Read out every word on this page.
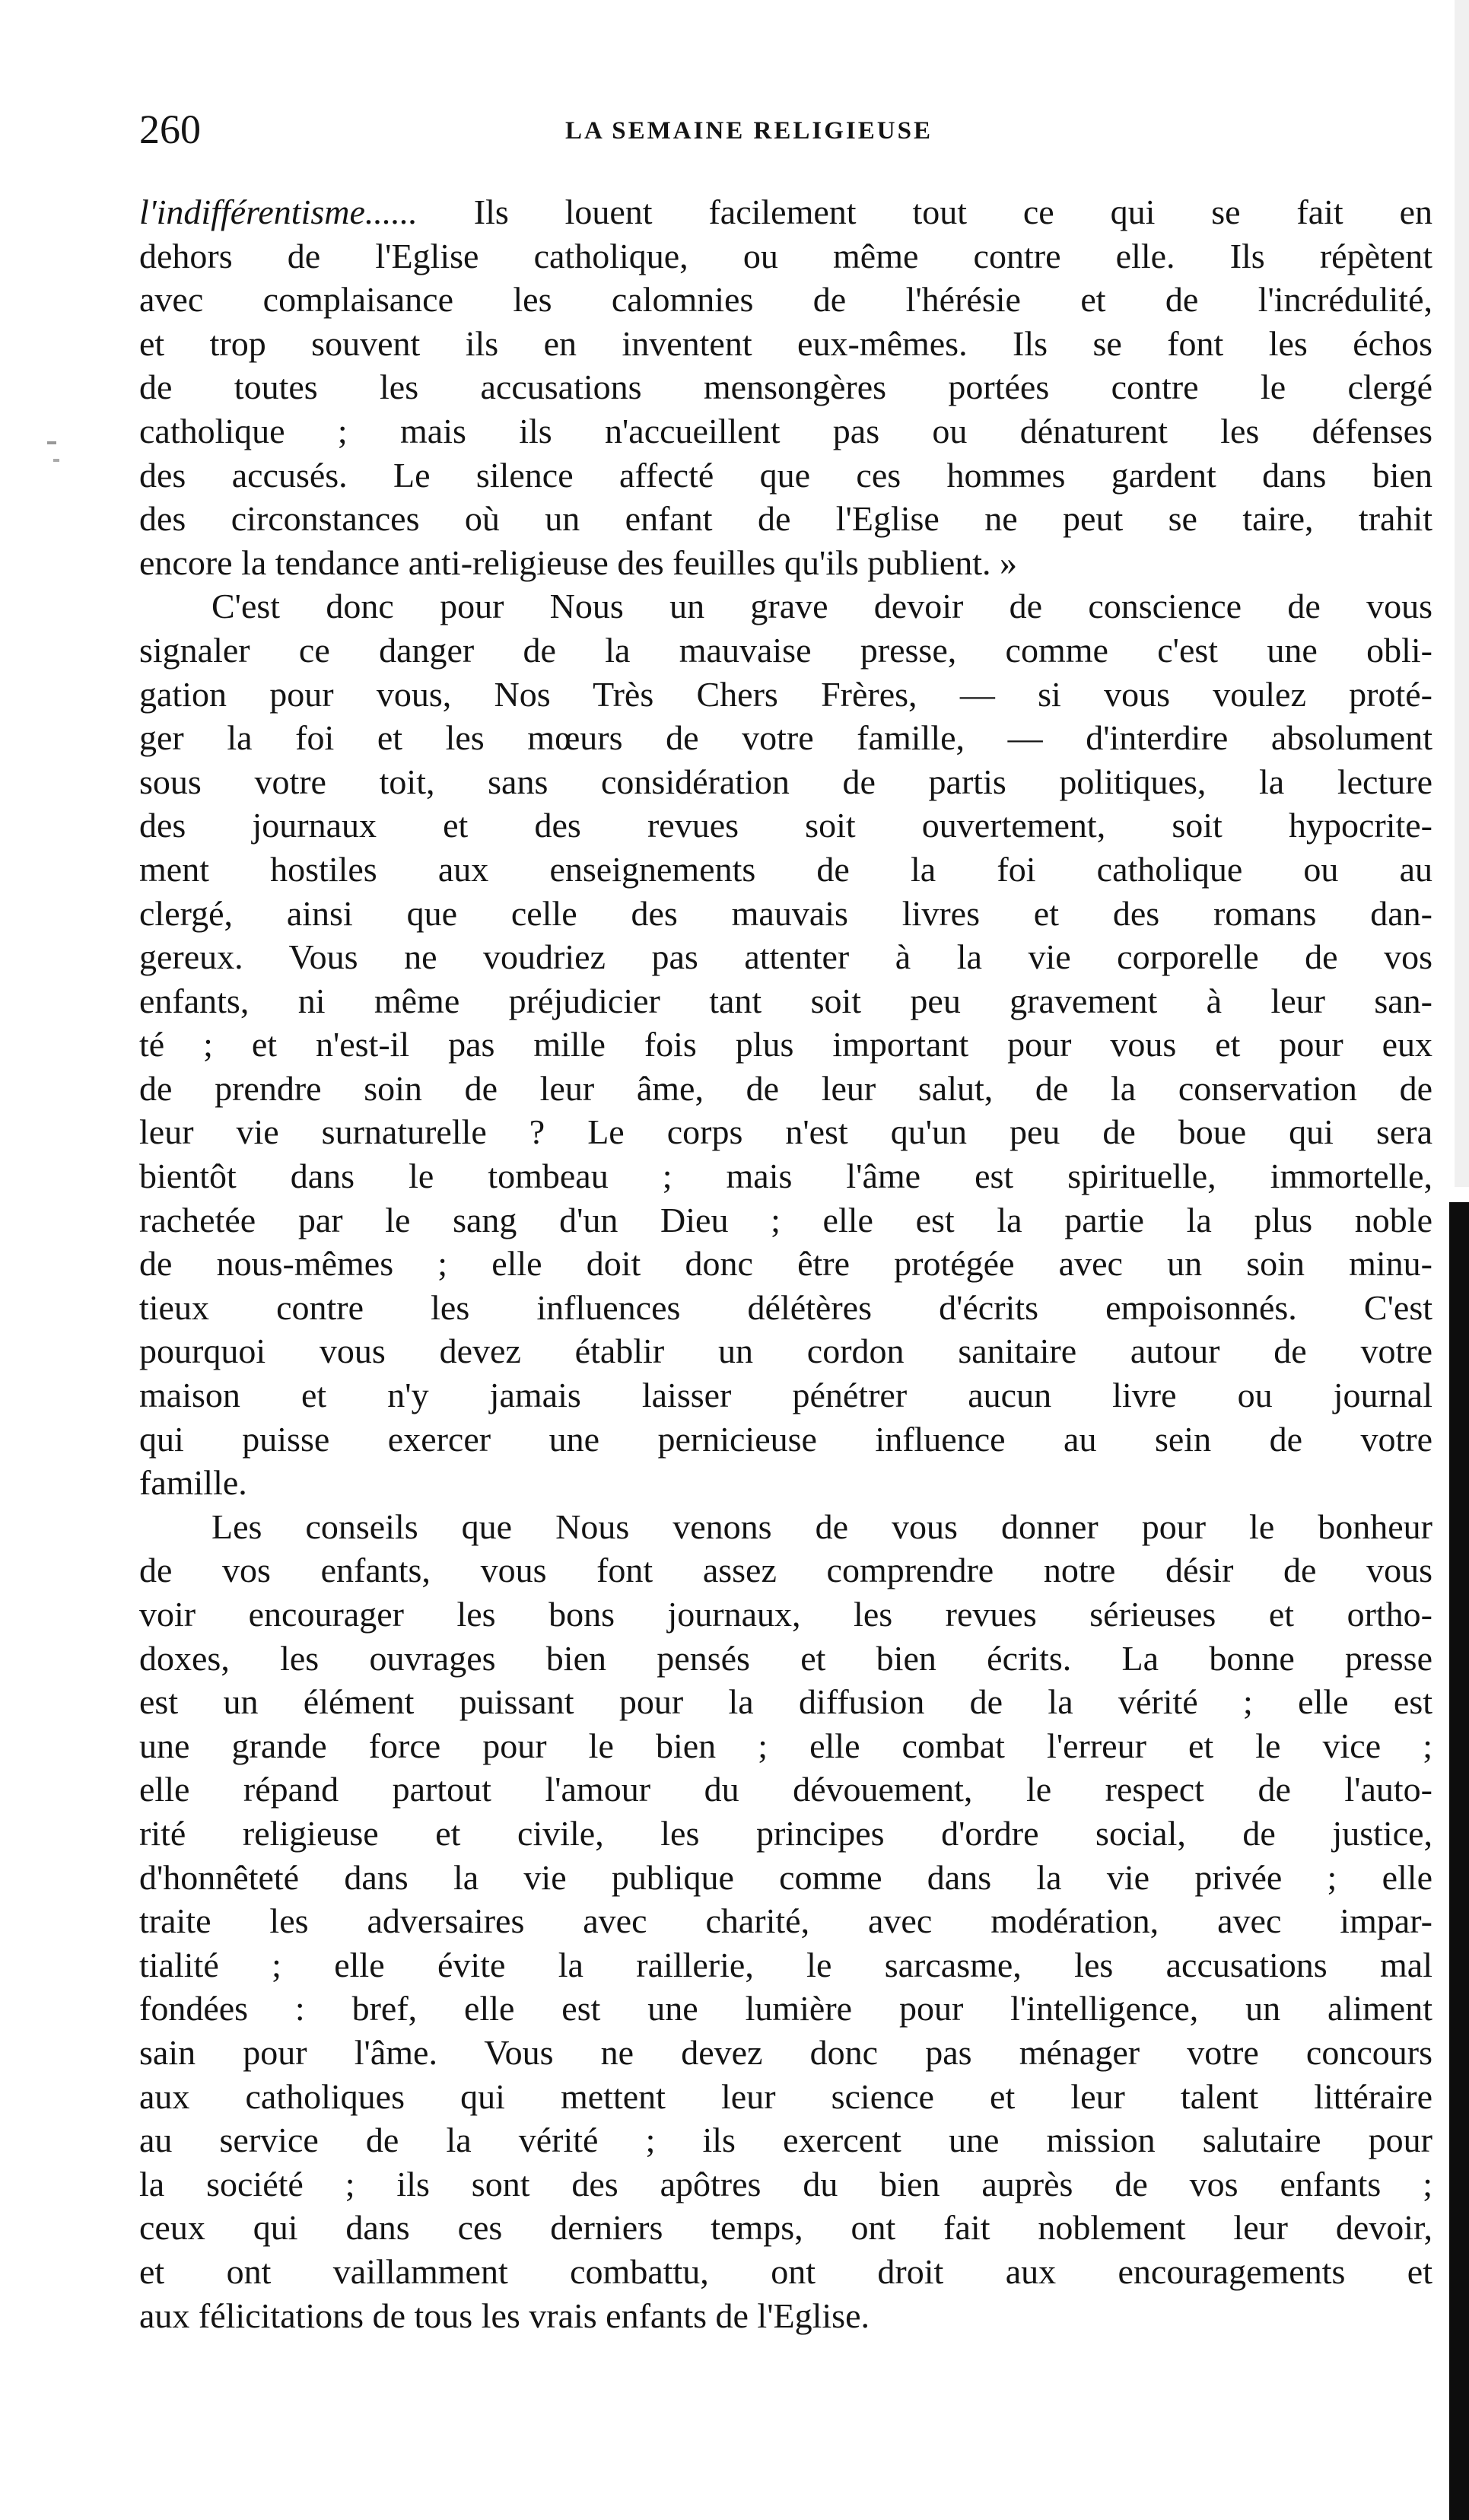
260	LA SEMAINE RELIGIEUSE
l'indifférentisme...... Ils louent facilement tout ce qui se fait en
dehors de l'Eglise catholique, ou même contre elle. Ils répètent
avec complaisance les calomnies de l'hérésie et de l'incrédulité,
et trop souvent ils en inventent eux-mêmes. Ils se font les échos
de toutes les accusations mensongères portées contre le clergé
catholique ; mais ils n'accueillent pas ou dénaturent les défenses
des accusés. Le silence affecté que ces hommes gardent dans bien
des circonstances où un enfant de l'Eglise ne peut se taire, trahit
encore la tendance anti-religieuse des feuilles qu'ils publient. »
C'est donc pour Nous un grave devoir de conscience de vous
signaler ce danger de la mauvaise presse, comme c'est une obli-
gation pour vous, Nos Très Chers Frères, — si vous voulez proté-
ger la foi et les mœurs de votre famille, — d'interdire absolument
sous votre toit, sans considération de partis politiques, la lecture
des journaux et des revues soit ouvertement, soit hypocrite-
ment hostiles aux enseignements de la foi catholique ou au
clergé, ainsi que celle des mauvais livres et des romans dan-
gereux. Vous ne voudriez pas attenter à la vie corporelle de vos
enfants, ni même préjudicier tant soit peu gravement à leur san-
té ; et n'est-il pas mille fois plus important pour vous et pour eux
de prendre soin de leur âme, de leur salut, de la conservation de
leur vie surnaturelle ? Le corps n'est qu'un peu de boue qui sera
bientôt dans le tombeau ; mais l'âme est spirituelle, immortelle,
rachetée par le sang d'un Dieu ; elle est la partie la plus noble
de nous-mêmes ; elle doit donc être protégée avec un soin minu-
tieux contre les influences délétères d'écrits empoisonnés. C'est
pourquoi vous devez établir un cordon sanitaire autour de votre
maison et n'y jamais laisser pénétrer aucun livre ou journal
qui puisse exercer une pernicieuse influence au sein de votre
famille.
Les conseils que Nous venons de vous donner pour le bonheur
de vos enfants, vous font assez comprendre notre désir de vous
voir encourager les bons journaux, les revues sérieuses et ortho-
doxes, les ouvrages bien pensés et bien écrits. La bonne presse
est un élément puissant pour la diffusion de la vérité ; elle est
une grande force pour le bien ; elle combat l'erreur et le vice ;
elle répand partout l'amour du dévouement, le respect de l'auto-
rité religieuse et civile, les principes d'ordre social, de justice,
d'honnêteté dans la vie publique comme dans la vie privée ; elle
traite les adversaires avec charité, avec modération, avec impar-
tialité ; elle évite la raillerie, le sarcasme, les accusations mal
fondées : bref, elle est une lumière pour l'intelligence, un aliment
sain pour l'âme. Vous ne devez donc pas ménager votre concours
aux catholiques qui mettent leur science et leur talent littéraire
au service de la vérité ; ils exercent une mission salutaire pour
la société ; ils sont des apôtres du bien auprès de vos enfants ;
ceux qui dans ces derniers temps, ont fait noblement leur devoir,
et ont vaillamment combattu, ont droit aux encouragements et
aux félicitations de tous les vrais enfants de l'Eglise.
